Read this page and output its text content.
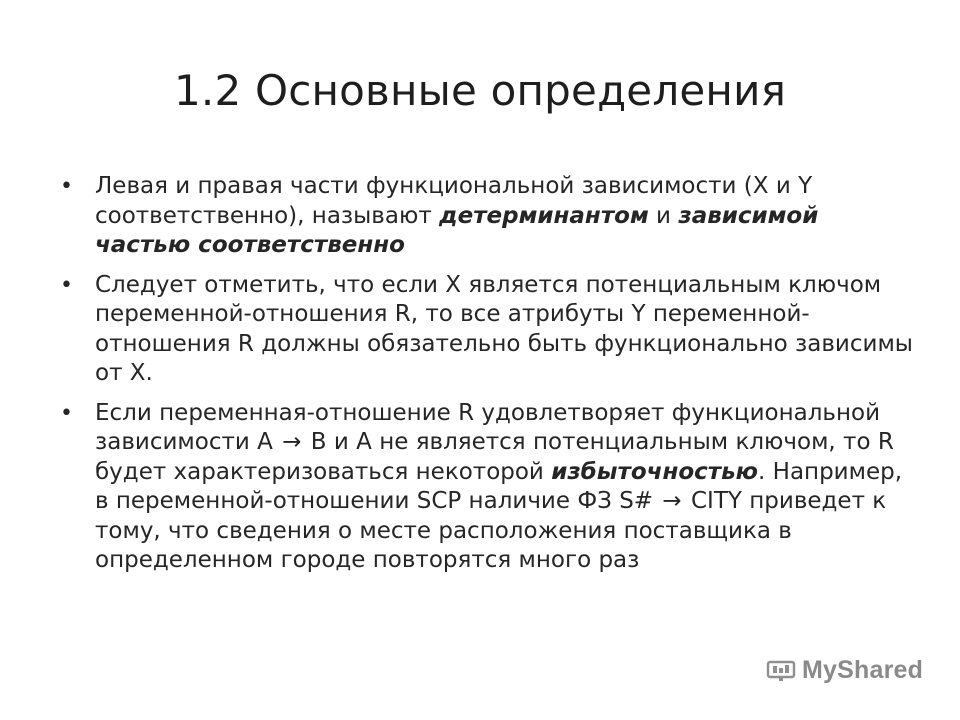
1.2 Основные определения
• Левая и правая части функциональной зависимости (X и Y соответственно), называют детерминантом и зависимой частью соответственно
• Следует отметить, что если X является потенциальным ключом переменной-отношения R, то все атрибуты Y переменной-отношения R должны обязательно быть функционально зависимы от X.
• Если переменная-отношение R удовлетворяет функциональной зависимости A → B и A не является потенциальным ключом, то R будет характеризоваться некоторой избыточностью. Например, в переменной-отношении SCP наличие ФЗ S# → CITY приведет к тому, что сведения о месте расположения поставщика в определенном городе повторятся много раз
MyShared
